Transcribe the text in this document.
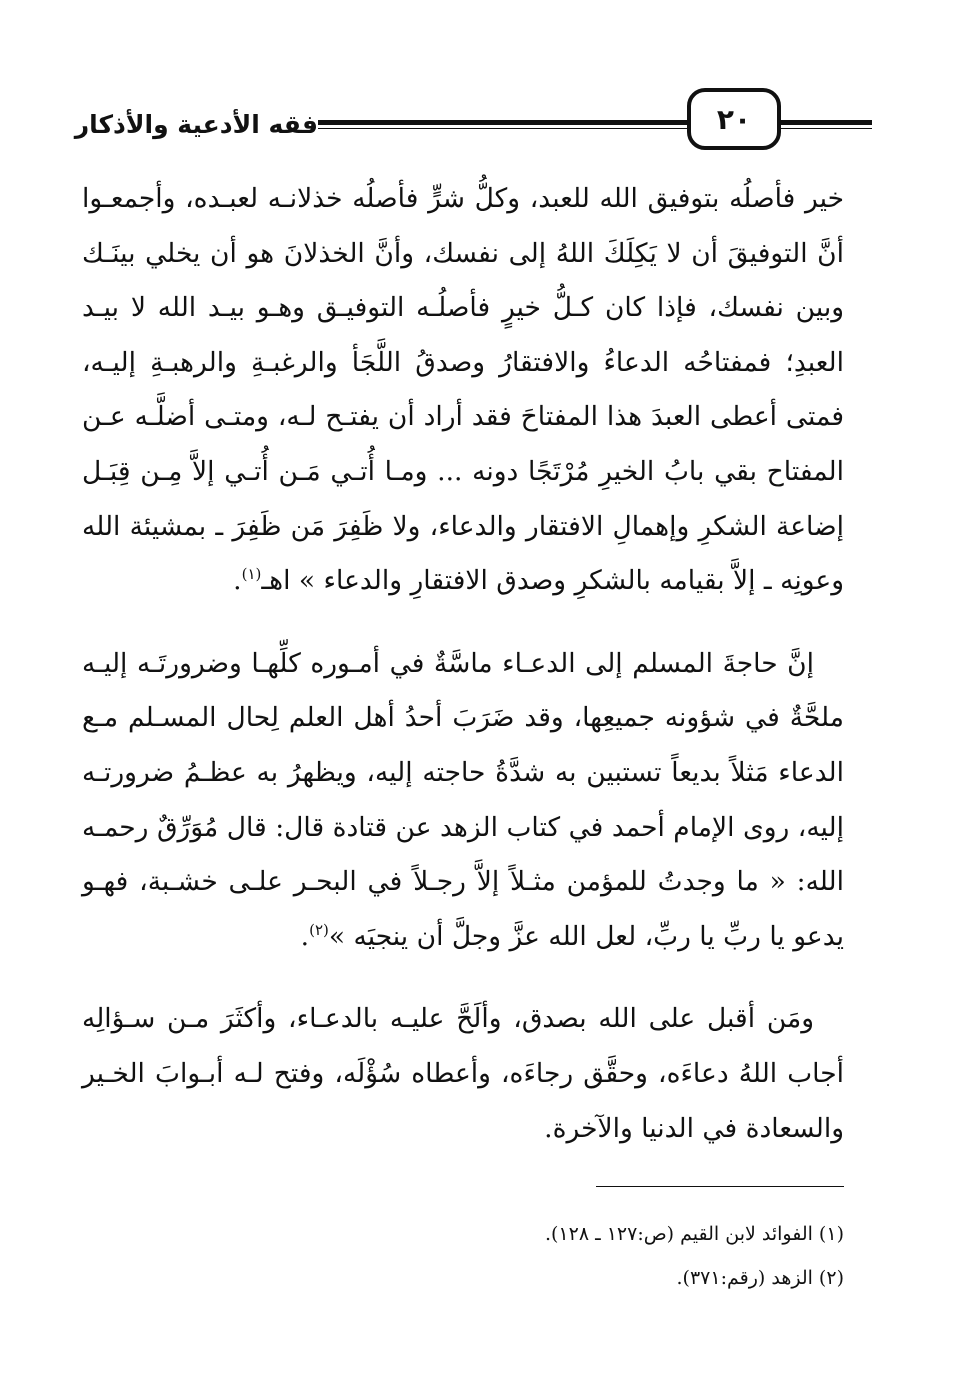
فقه الأدعية والأذكار	٢٠

خير فأصلُه بتوفيق الله للعبد، وكلُّ شرٍّ فأصلُه خذلانـه لعبـده، وأجمعـوا أنَّ التوفيقَ أن لا يَكِلَكَ اللهُ إلى نفسك، وأنَّ الخذلانَ هو أن يخلي بينَـك وبين نفسك، فإذا كان كـلُّ خيرٍ فأصلُـه التوفيـق وهـو بيـد الله لا بيـد العبدِ؛ فمفتاحُه الدعاءُ والافتقارُ وصدقُ اللَّجَأ والرغبـةِ والرهبـةِ إليـه، فمتى أعطى العبدَ هذا المفتاحَ فقد أراد أن يفتـح لـه، ومتـى أضلَّـه عـن المفتاح بقي بابُ الخيرِ مُرْتَجًا دونه ... ومـا أُتـي مَـن أُتـي إلاَّ مِـن قِبَـل إضاعة الشكرِ وإهمالِ الافتقار والدعاء، ولا ظَفِرَ مَن ظَفِرَ ـ بمشيئة الله وعونِه ـ إلاَّ بقيامه بالشكرِ وصدق الافتقارِ والدعاء » اهـ$^{(١)}$.

إنَّ حاجةَ المسلم إلى الدعـاء ماسَّةٌ في أمـوره كلِّهـا وضرورتَـه إليـه ملحَّةٌ في شؤونه جميعِها، وقد ضَرَبَ أحدُ أهل العلم لِحال المسـلم مـع الدعاء مَثلاً بديعاً تستبين به شدَّةُ حاجته إليه، ويظهرُ به عظـمُ ضرورتـه إليه، روى الإمام أحمد في كتاب الزهد عن قتادة قال: قال مُوَرِّقٌ رحمـه الله: « ما وجدتُ للمؤمن مثـلاً إلاَّ رجـلاً في البحـر علـى خشـبة، فهـو يدعو يا ربِّ يا ربِّ، لعل الله عزَّ وجلَّ أن ينجيَه »$^{(٢)}$.

ومَن أقبل على الله بصدق، وألَحَّ عليـه بالدعـاء، وأكثَرَ مـن سـؤالِه أجاب اللهُ دعاءَه، وحقَّق رجاءَه، وأعطاه سُؤْلَه، وفتح لـه أبـوابَ الخـير والسعادة في الدنيا والآخرة.

(١) الفوائد لابن القيم (ص:١٢٧ ـ ١٢٨).

(٢) الزهد (رقم:٣٧١).
